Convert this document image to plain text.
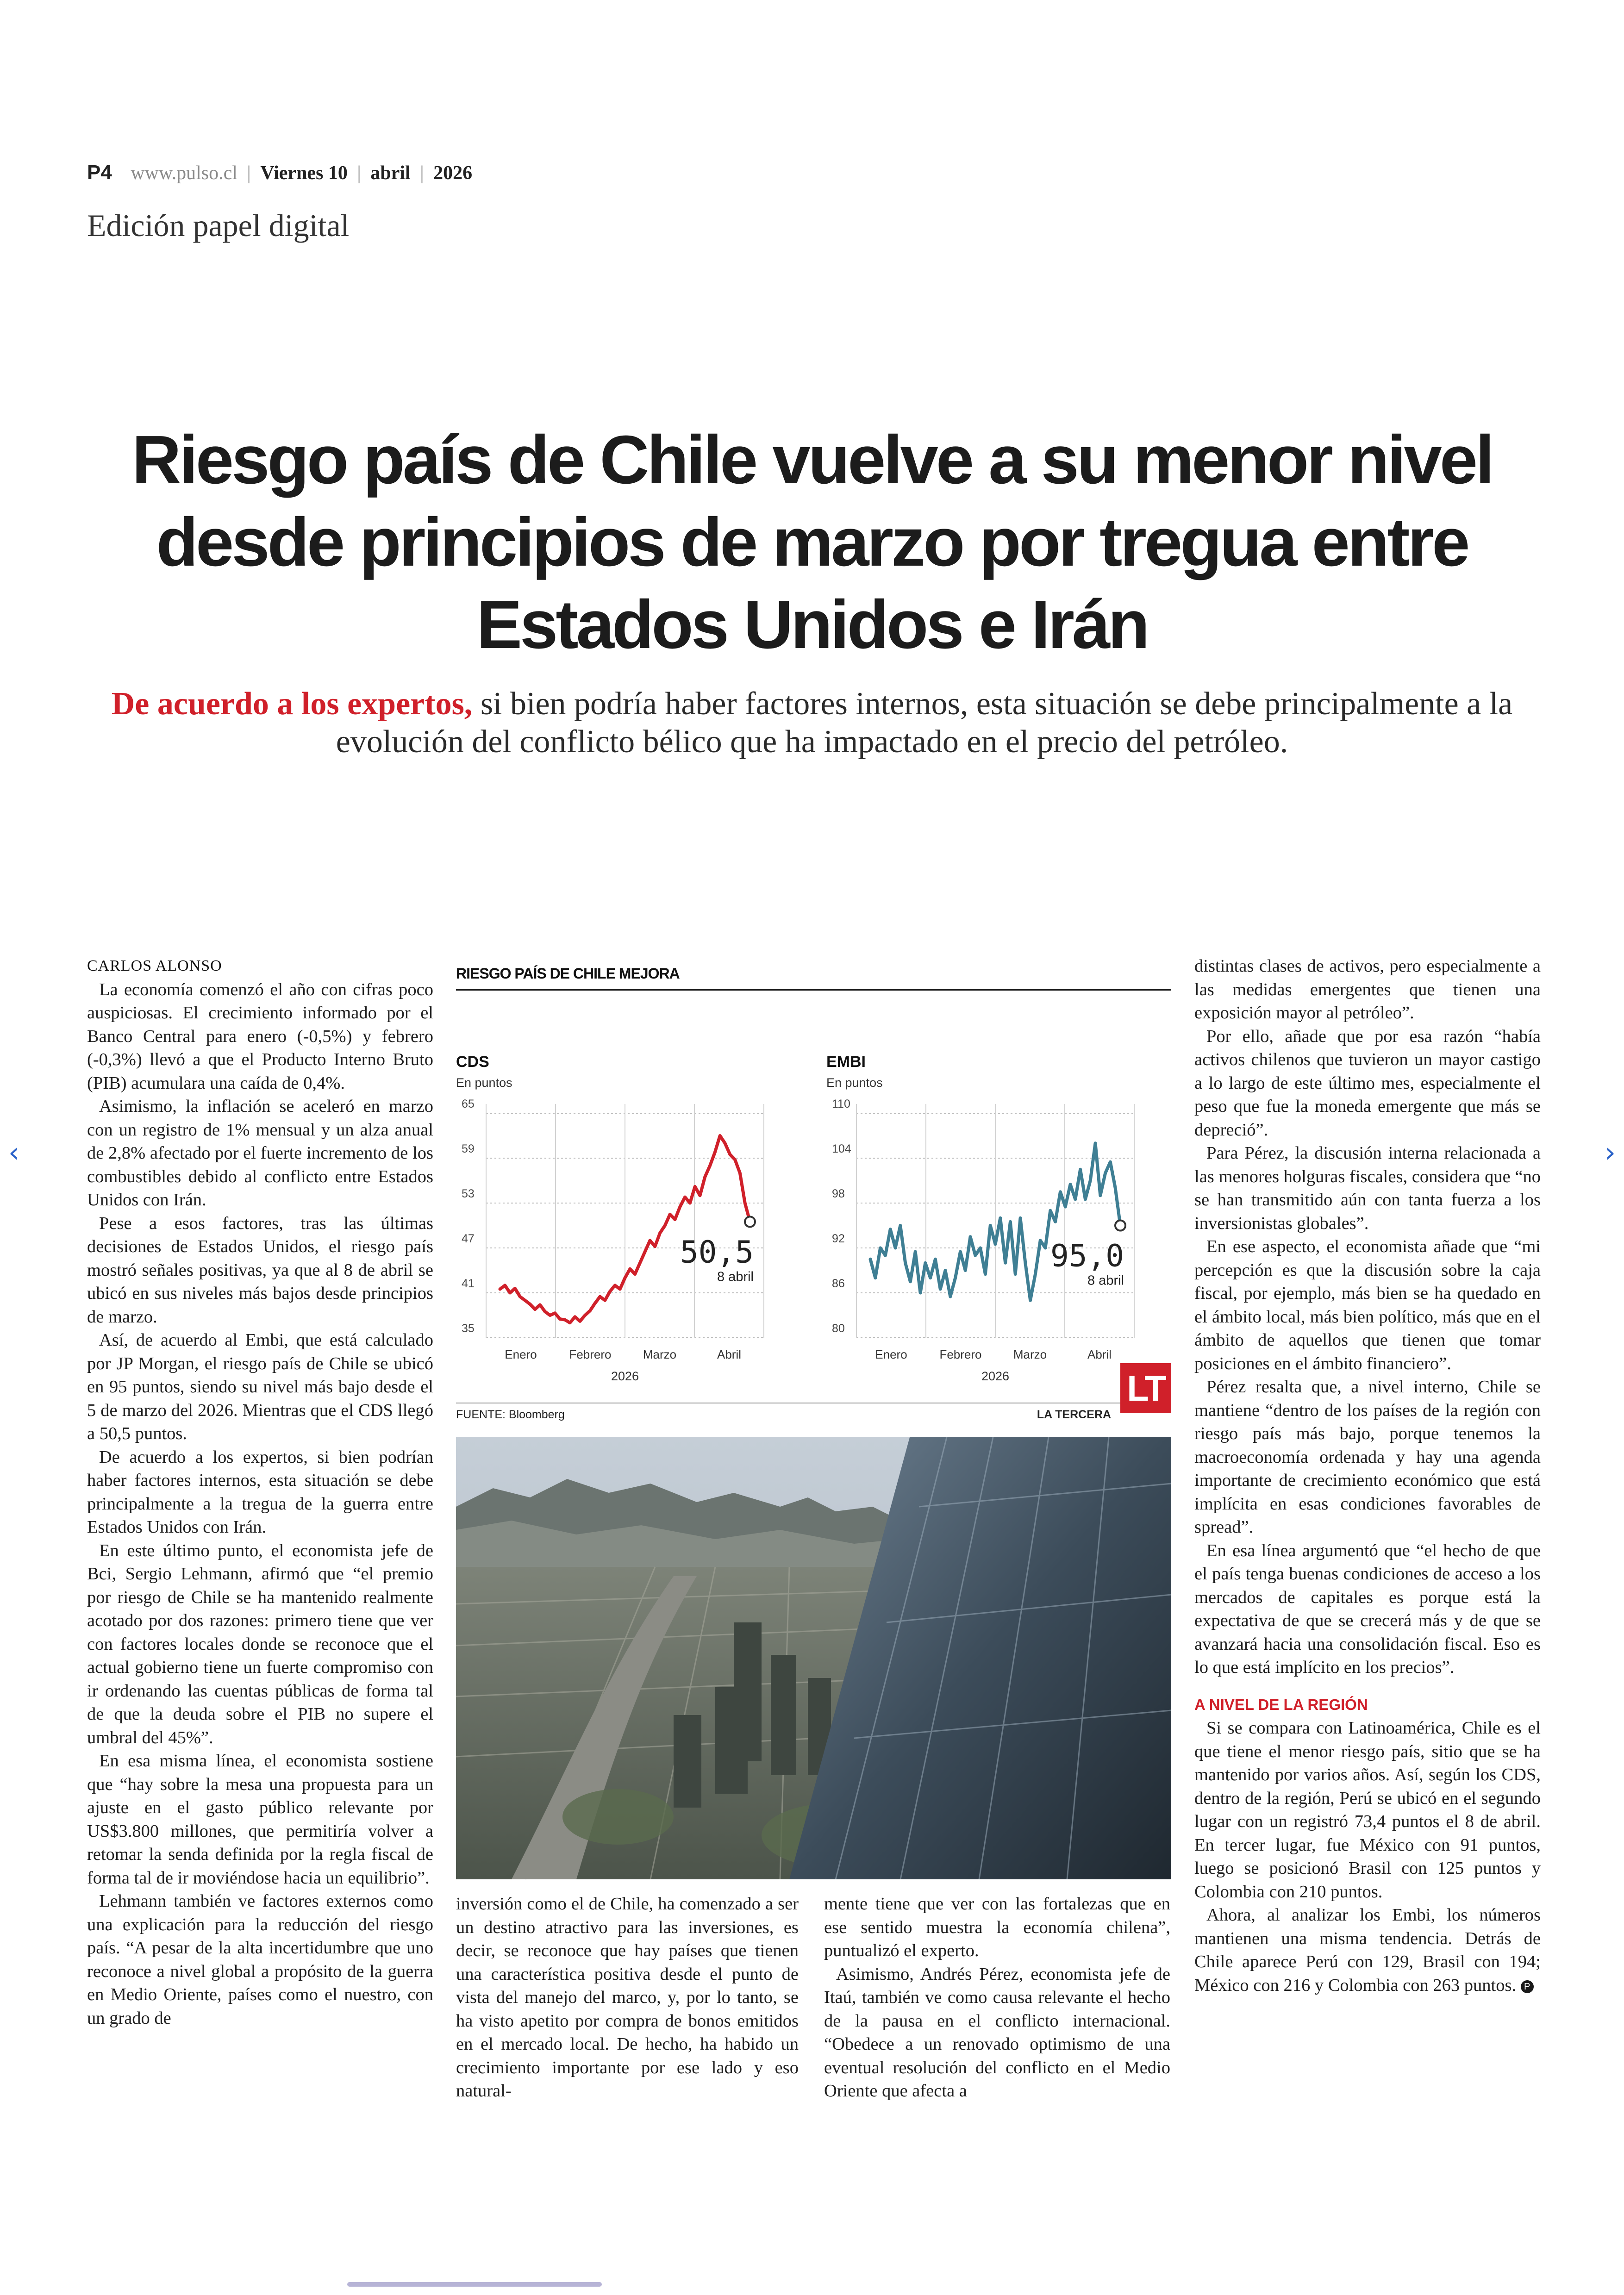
P4 www.pulso.cl | Viernes 10 | abril | 2026
Edición papel digital
Riesgo país de Chile vuelve a su menor nivel desde principios de marzo por tregua entre Estados Unidos e Irán
De acuerdo a los expertos, si bien podría haber factores internos, esta situación se debe principalmente a la evolución del conflicto bélico que ha impactado en el precio del petróleo.

CARLOS ALONSO

La economía comenzó el año con cifras poco auspiciosas. El crecimiento informado por el Banco Central para enero (-0,5%) y febrero (-0,3%) llevó a que el Producto Interno Bruto (PIB) acumulara una caída de 0,4%.

Asimismo, la inflación se aceleró en marzo con un registro de 1% mensual y un alza anual de 2,8% afectado por el fuerte incremento de los combustibles debido al conflicto entre Estados Unidos con Irán.

Pese a esos factores, tras las últimas decisiones de Estados Unidos, el riesgo país mostró señales positivas, ya que al 8 de abril se ubicó en sus niveles más bajos desde principios de marzo.

Así, de acuerdo al Embi, que está calculado por JP Morgan, el riesgo país de Chile se ubicó en 95 puntos, siendo su nivel más bajo desde el 5 de marzo del 2026. Mientras que el CDS llegó a 50,5 puntos.

De acuerdo a los expertos, si bien podrían haber factores internos, esta situación se debe principalmente a la tregua de la guerra entre Estados Unidos con Irán.

En este último punto, el economista jefe de Bci, Sergio Lehmann, afirmó que “el premio por riesgo de Chile se ha mantenido realmente acotado por dos razones: primero tiene que ver con factores locales donde se reconoce que el actual gobierno tiene un fuerte compromiso con ir ordenando las cuentas públicas de forma tal de que la deuda sobre el PIB no supere el umbral del 45%”.

En esa misma línea, el economista sostiene que “hay sobre la mesa una propuesta para un ajuste en el gasto público relevante por US$3.800 millones, que permitiría volver a retomar la senda definida por la regla fiscal de forma tal de ir moviéndose hacia un equilibrio”.

Lehmann también ve factores externos como una explicación para la reducción del riesgo país. “A pesar de la alta incertidumbre que uno reconoce a nivel global a propósito de la guerra en Medio Oriente, países como el nuestro, con un grado de

RIESGO PAÍS DE CHILE MEJORA
CDS
En puntos
35
41
47
53
59
65
Enero	Febrero	Marzo	Abril
2026
50,5
8 abril
EMBI
En puntos
80
86
92
98
104
110
Enero	Febrero	Marzo	Abril
2026
95,0
8 abril
FUENTE: Bloomberg	LA TERCERA
LT

inversión como el de Chile, ha comenzado a ser un destino atractivo para las inversiones, es decir, se reconoce que hay países que tienen una característica positiva desde el punto de vista del manejo del marco, y, por lo tanto, se ha visto apetito por compra de bonos emitidos en el mercado local. De hecho, ha habido un crecimiento importante por ese lado y eso natural-

mente tiene que ver con las fortalezas que en ese sentido muestra la economía chilena”, puntualizó el experto.

Asimismo, Andrés Pérez, economista jefe de Itaú, también ve como causa relevante el hecho de la pausa en el conflicto internacional. “Obedece a un renovado optimismo de una eventual resolución del conflicto en el Medio Oriente que afecta a

distintas clases de activos, pero especialmente a las medidas emergentes que tienen una exposición mayor al petróleo”.

Por ello, añade que por esa razón “había activos chilenos que tuvieron un mayor castigo a lo largo de este último mes, especialmente el peso que fue la moneda emergente que más se depreció”.

Para Pérez, la discusión interna relacionada a las menores holguras fiscales, considera que “no se han transmitido aún con tanta fuerza a los inversionistas globales”.

En ese aspecto, el economista añade que “mi percepción es que la discusión sobre la caja fiscal, por ejemplo, más bien se ha quedado en el ámbito local, más bien político, más que en el ámbito de aquellos que tienen que tomar posiciones en el ámbito financiero”.

Pérez resalta que, a nivel interno, Chile se mantiene “dentro de los países de la región con riesgo país más bajo, porque tenemos la macroeconomía ordenada y hay una agenda importante de crecimiento económico que está implícita en esas condiciones favorables de spread”.

En esa línea argumentó que “el hecho de que el país tenga buenas condiciones de acceso a los mercados de capitales es porque está la expectativa de que se crecerá más y de que se avanzará hacia una consolidación fiscal. Eso es lo que está implícito en los precios”.

A NIVEL DE LA REGIÓN

Si se compara con Latinoamérica, Chile es el que tiene el menor riesgo país, sitio que se ha mantenido por varios años. Así, según los CDS, dentro de la región, Perú se ubicó en el segundo lugar con un registró 73,4 puntos el 8 de abril. En tercer lugar, fue México con 91 puntos, luego se posicionó Brasil con 125 puntos y Colombia con 210 puntos.

Ahora, al analizar los Embi, los números mantienen una misma tendencia. Detrás de Chile aparece Perú con 129, Brasil con 194; México con 216 y Colombia con 263 puntos. P

‹	›
